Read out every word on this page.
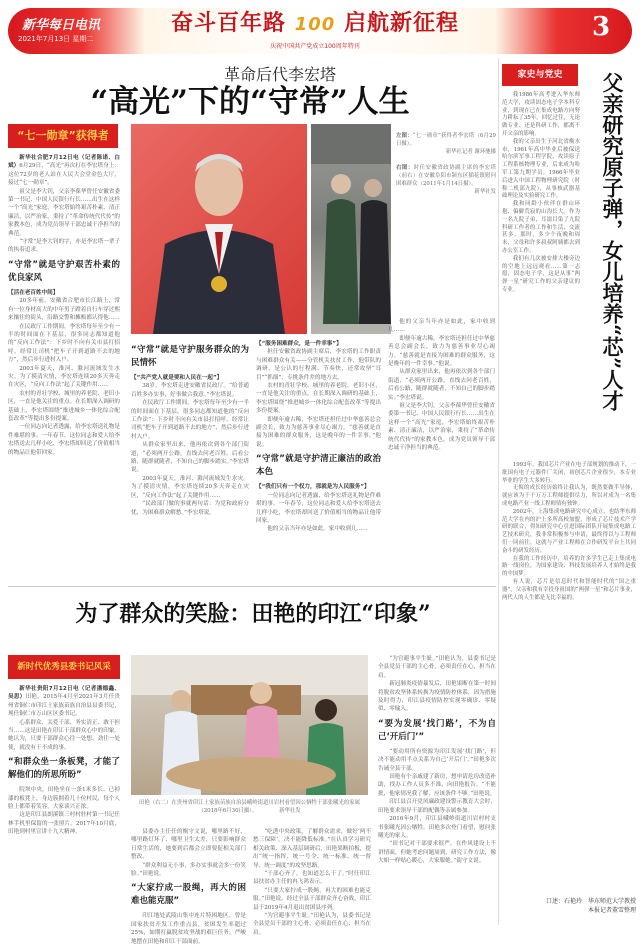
新华每日电讯
2021年7月13日 星期二
奋斗百年路 100 启航新征程
庆祝中国共产党成立100周年特刊
3
革命后代李宏塔
“高光”下的“守常”人生
“七一勋章”获得者

新华社合肥7月12日电（记者陈诺、白斌）6月29日，“高光”再次打在李宏塔身上：这位72岁的老人站在人民大会堂金色大厅，接过“七一勋章”。

祖父是李大钊，父亲李葆华曾任安徽省委第一书记、中国人民银行行长……出生在这样一个“高光”家庭，李宏塔始终艰苦朴素、清正廉洁，以严治家，秉持了“革命传统代代传”的家教本色，成为党员领导干部忠诚干净担当的典范。

“守常”是李大钊的字，亦是李宏塔一辈子的执着追求。

“守常”就是守护艰苦朴素的优良家风
【活在老百姓中间】

20多年前，安徽省合肥市长江路上，常有一位身材高大的中年男子蹬着自行车穿过熙来攘往的街头，沿路交警和摊贩都认得他……

在民政厅工作期间，李宏塔每年至少有一半的时间面在下基层，很多同志都知道他的“反向工作法”：下乡时不向有关市县打招呼，经常让司机“把车子开到道路不去的地方”，然后步行进村入户。

2003年夏天，淮河、滁河流域发生水灾。为了摸清灾情，李宏塔连续20多天奔走在灾区，“反向工作法”起了关键作用……

农村的青壮学校、城里的养老院、老旧小区，一直是他关注的重点。在长期深入调研的基础上，李宏塔围绕“推进城乡一体化综合配套改革”等提出多份提案。

一位同志向记者透露，给李宏塔送礼物是件难堪的事。一年春节，这位同志和爱人给李宏塔送去几样小吃，李宏塔却回送了价值相当的物品让他带回家。

左图：“七一勋章”获得者李宏塔（6月29日摄）。

新华社记者 谢环驰摄

右图：时任安徽省政协副主席的李宏塔（前右）在安徽阜阳市颍东区插花镇慰问困难群众（2011年1月14日摄）。

新华社发

“守常”就是守护服务群众的为民情怀
【“共产党人就是要和人民在一起”】

38岁，李宏塔走进安徽省民政厅。“给普通百姓多办实事，好事做合我意。”李宏塔说。

在民政厅工作期间，李宏塔每年至少有一半的时间面在下基层，很多同志都知道他的“反向工作法”：下乡时不向有关市县打招呼，经常让司机“把车子开到道路不去的地方”，然后步行进村入户。

从群众家里出来，他再依次到各个部门街道，“必须两开公路，直线去问老百姓，后看公路，随群就随者，不知自己的脚步踏实。”李宏塔说。

2003年夏天，淮河、滁河流域发生水灾。为了摸清灾情，李宏塔连续20多天奔走在灾区，“反向工作法”起了关键作用……

“民政部门做的事就两句话：为党和政府分忧，为困难群众解愁。”李宏塔说。

【“服务困难群众，是一件幸事”】

担任安徽省政协副主席后，李宏塔的工作职责与困难群众有关——分管机关扶贫工作，他带队的调研，是公认的行程满、节奏快，还常攻坚“耳目”“抓细”，专挑条件差的地方去。

农村的青壮学校、城里的养老院、老旧小区，一直是他关注的重点。在长期深入调研的基础上，李宏塔围绕“推进城乡一体化综合配套改革”等提出多份提案。

即便年逾古稀，李宏塔还担任过中华慈善总会副会长，致力为慈善事业尽心竭力。“慈善就是直接为困难的群众服务，这是晚年的一件幸事。”他说。

“守常”就是守护清正廉洁的政治本色
【“我们只有一个权力，那就是为人民服务”】

一位同志向记者透露，给李宏塔送礼物是件难堪的事。一年春节，这位同志和爱人给李宏塔送去几样小吃，李宏塔却回送了价值相当的物品让他带回家。

他的父亲当年亦是如此，家中收到几……

他的父亲当年亦是如此，家中收到几……

即便年逾古稀，李宏塔还担任过中华慈善总会副会长，致力为慈善事业尽心竭力。“慈善就是直接为困难的群众服务，这是晚年的一件幸事。”他说。

从群众家里出来，他再依次到各个部门街道，“必须两开公路，直线去问老百姓，后看公路，随群就随者，不知自己的脚步踏实。”李宏塔说。

祖父是李大钊，父亲李葆华曾任安徽省委第一书记、中国人民银行行长……出生在这样一个“高光”家庭，李宏塔始终艰苦朴素、清正廉洁，以严治家，秉持了“革命传统代代传”的家教本色，成为党员领导干部忠诚干净担当的典范。

为了群众的笑脸：田艳的印江“印象”
新时代优秀县委书记风采

新华社贵阳7月12日电（记者潘德鑫、吴思）田艳，2015年4月至2021年3月任贵州省铜仁市印江土家族苗族自治县县委书记，现任铜仁市万山区区委书记。

心系群众、关爱干部、务实清正、敢于担当……这是田艳在印江干部群众心中的印象。她认为，只要干部群众心往一处想、劲往一处使，就没有干不成的事。

“和群众坐一条板凳，才能了解他们的所思所盼”

院坝中央，田艳坐在一条1米多长、已掉漆的板凳上，身边簇拥着几十位村民，每个人脸上都带着笑容，大家谈兴正浓。

这是印江县朗溪镇三村村驻村第一书记任林手机里保留的一张照片。2017年10月底，田艳到村里宣讲十九大精神。

田艳（右二）在贵州省印江土家族苗族自治县峨岭街道川岩村看望因公牺牲干部张曦光的家属（2018年6月30日摄）。	新华社发

县委办主任任的衡守文说，哪里路不好、哪里路灯坏了、哪里卫生太差，只要影响群众日常生活的，她要到后都会立即要促相关部门整改。

“群众利益无小事，多办实事就会多一份笑脸。”田艳说。

“大家拧成一股绳，再大的困难也能克服”

印江地处武陵山集中连片特困地区，曾是国家扶贫开发工作重点县，贫困发生率超过25%，如期打赢脱贫攻坚战的艰巨任务，严峻地摆在田艳和印江干部面前。

“吃透中央政策，了解群众需求，做好‘两不愁三保障’，决不能降低标准。”在认真学习研究相关政策、深入基层调研后，田艳果断拍板，提出“统一指挥、统一号令、统一标准、统一督导、统一调度”的攻坚思路。

“干部心齐了，也知道怎么干了。”时任印江县扶贫办主任的冉飞鸿表示。

“只要大家拧成一股绳，再大的困难也能克服。”田艳说。经过全县干部群众齐心奋战，印江县于2019年4月退出贫困县序列。

“为官避事平生耻。”田艳认为，县委书记是全县党员干部的主心骨，必须责任在心，担当在肩。

“为官避事平生耻。”田艳认为，县委书记是全县党员干部的主心骨，必须责任在心，担当在肩。

新冠肺炎疫情暴发后，田艳果断在第一时间将脱贫攻坚体系转换为疫情防控体系，因为措施及时得力，印江县疫情防控实现零确诊、零疑似、零输入。

“要为发展‘找门路’，不为自己‘开后门’”

“要动用所有资源为印江发展‘找门路’，但决不能动用半点关系为自己‘开后门’。”田艳多次告诫全县干部。

田艳有个亲戚建了新房，想申请危房改造补助，找办工作人员多不准，向田艳报告。“不能批，他家情况我了解，应该条件不够。”田艳说。

印江县召开党风廉政建设警示教育大会时，田艳要求领导干部的配偶等亲属参加。

2016年9月，印江县峨岭街道川岩村村支书张曦光因公牺牲。田艳多次登门看望，慰问张曦光的家人。

“田书记对干部要求很严，在作风建设上不讲情面，但她考虑问题周到，研究工作方法，像大姐一样贴心暖心，大家服她。”街守文说。

家史与党史	父亲研究原子弹，女儿培养“芯”人才

我1986年高考进入华东师范大学，攻读固态电子学本科专业，到现在已在集成电路方向努力耕耘了35年。回忆过往，无论做专业、还是科研工作，都离不开父亲的影响。

我的父亲出生于河北省衡水市，1961年高中毕业后被保送哈尔滨军事工程学院，攻读原子工程系核物理专业，后来成为哈军工第九期学员。1966年毕业后进入中国工程物理研究院（时称二机部九院），从事核武器基础理论及实验研究工作。

我和同龄小伙伴在群山环抱、偏僻荒寂的山沟长大。作为一名九院子弟，耳濡目染了九院科研工作者的工作和生活，交流甚多。那时，多少个夜晚和周末，父母和许多叔叔阿姨都去到办公室工作。

我们有几次被安排大楼旁边的空地上远远观看……第一志愿，固态电子学，这是从事“两弹一星”研究工作的父亲建议的专业。

1993年，我国芯片产业在电子部规划的推动下，一批国有电子元器件厂关闭，初创芯片企业很少，本专业毕业的学生大多转行。

无悔的成长经历始终让我认为，既然要做半导体，就应该为千千万万工程师提供尽力，所以对成为一名集成电路产业一线工程师情有独钟。

2002年，上海集成电路研究中心成立，也结华东师范大学在内的沪上多所高校加盟，形成了芯片技术产学研的联合，得知研究中心引进国际团队开展集成电路工艺技术研究，我非常积极参与申请，最终得以与工程师们一同前往，这就与产业工程师在合作研发平台上共同奋斗的研发经历。

在我的工作经历中，培养的许多学生已走上集成电路一线岗位，为国家建设、科技发展培养人才始终是我的中国梦。

有人说，芯片是信息时代和智能时代的“国之重器”，父亲和我有幸投身祖国的“两弹一星”和芯片事业，两代人的人生都是无比幸福的。

口述：石艳玲　华东师范大学教授
本报记者董雪整理
